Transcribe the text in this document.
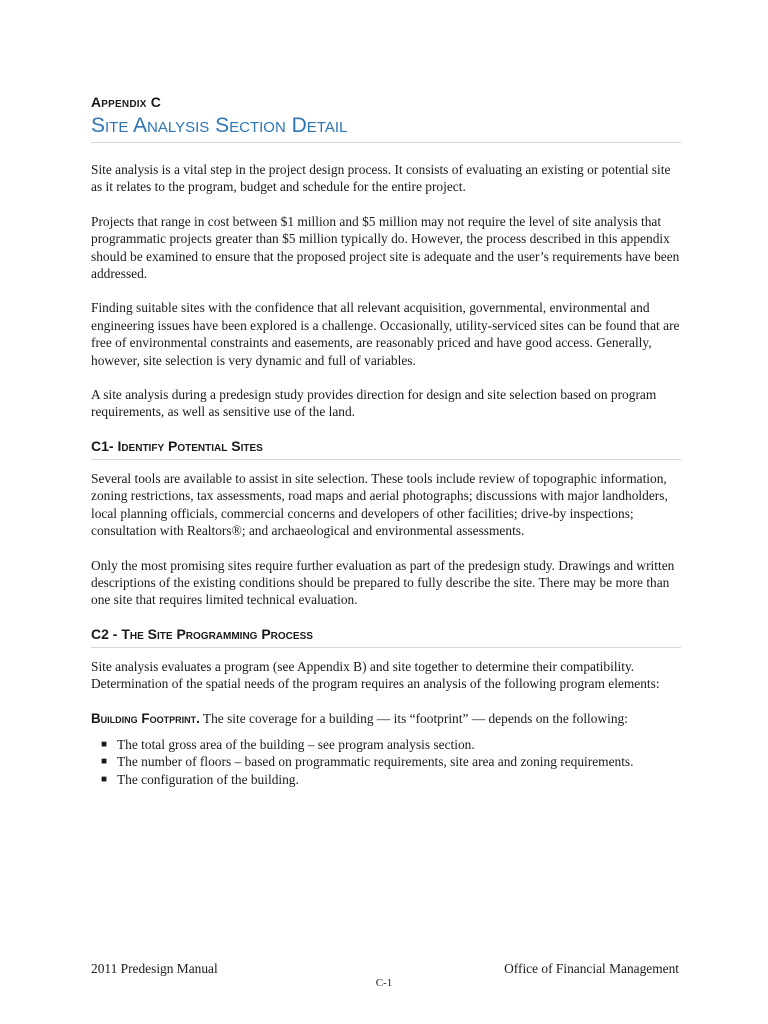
Appendix C
Site Analysis Section Detail

Site analysis is a vital step in the project design process. It consists of evaluating an existing or potential site as it relates to the program, budget and schedule for the entire project.

Projects that range in cost between $1 million and $5 million may not require the level of site analysis that programmatic projects greater than $5 million typically do. However, the process described in this appendix should be examined to ensure that the proposed project site is adequate and the user’s requirements have been addressed.

Finding suitable sites with the confidence that all relevant acquisition, governmental, environmental and engineering issues have been explored is a challenge. Occasionally, utility-serviced sites can be found that are free of environmental constraints and easements, are reasonably priced and have good access. Generally, however, site selection is very dynamic and full of variables.

A site analysis during a predesign study provides direction for design and site selection based on program requirements, as well as sensitive use of the land.

C1- Identify Potential Sites

Several tools are available to assist in site selection. These tools include review of topographic information, zoning restrictions, tax assessments, road maps and aerial photographs; discussions with major landholders, local planning officials, commercial concerns and developers of other facilities; drive-by inspections; consultation with Realtors®; and archaeological and environmental assessments.

Only the most promising sites require further evaluation as part of the predesign study. Drawings and written descriptions of the existing conditions should be prepared to fully describe the site. There may be more than one site that requires limited technical evaluation.

C2 - The Site Programming Process

Site analysis evaluates a program (see Appendix B) and site together to determine their compatibility. Determination of the spatial needs of the program requires an analysis of the following program elements:

Building Footprint. The site coverage for a building — its “footprint” — depends on the following:

■ The total gross area of the building – see program analysis section.
■ The number of floors – based on programmatic requirements, site area and zoning requirements.
■ The configuration of the building.
2011 Predesign Manual	Office of Financial Management
C-1
